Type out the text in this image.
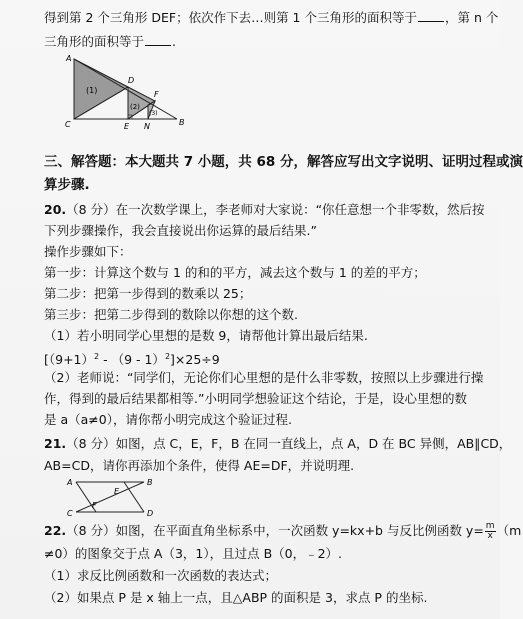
得到第 2 个三角形 DEF；依次作下去…则第 1 个三角形的面积等于 ，第 n 个
三角形的面积等于 .
A
D
F
(1)
(2)
(3)
C	E N	B
三、解答题：本大题共 7 小题，共 68 分，解答应写出文字说明、证明过程或演
算步骤.
20.（8 分）在一次数学课上，李老师对大家说：“你任意想一个非零数，然后按
下列步骤操作，我会直接说出你运算的最后结果.”
操作步骤如下：
第一步：计算这个数与 1 的和的平方，减去这个数与 1 的差的平方；
第二步：把第一步得到的数乘以 25；
第三步：把第二步得到的数除以你想的这个数.
（1）若小明同学心里想的是数 9，请帮他计算出最后结果.
$[(9+1)^2 - (9 - 1)^2]\times 25\div 9$
（2）老师说：“同学们，无论你们心里想的是什么非零数，按照以上步骤进行操
作，得到的最后结果都相等.”小明同学想验证这个结论，于是，设心里想的数
是 a（a≠0），请你帮小明完成这个验证过程.
21.（8 分）如图，点 C，E，F，B 在同一直线上，点 A，D 在 BC 异侧，AB∥CD，
AB=CD，请你再添加个条件，使得 AE=DF，并说明理.
A	B
E
F
C	D
22.（8 分）如图，在平面直角坐标系中，一次函数 y=kx+b 与反比例函数 $y= \frac{m}{x} (m$
≠0）的图象交于点 A（3，1），且过点 B（0，﹣2）.
（1）求反比例函数和一次函数的表达式；
（2）如果点 P 是 x 轴上一点，且△ABP 的面积是 3，求点 P 的坐标.
